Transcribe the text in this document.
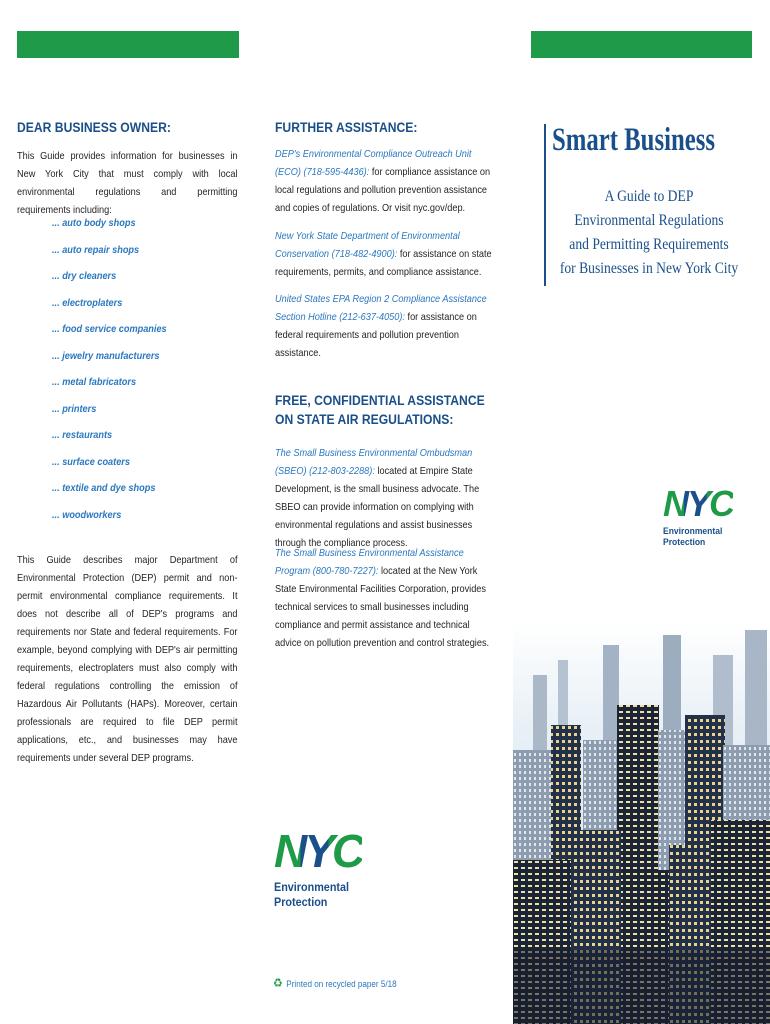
DEAR BUSINESS OWNER:
This Guide provides information for businesses in New York City that must comply with local environmental regulations and permitting requirements including:
... auto body shops
... auto repair shops
... dry cleaners
... electroplaters
... food service companies
... jewelry manufacturers
... metal fabricators
... printers
... restaurants
... surface coaters
... textile and dye shops
... woodworkers
This Guide describes major Department of Environmental Protection (DEP) permit and non-permit environmental compliance requirements. It does not describe all of DEP's programs and requirements nor State and federal requirements. For example, beyond complying with DEP's air permitting requirements, electroplaters must also comply with federal regulations controlling the emission of Hazardous Air Pollutants (HAPs). Moreover, certain professionals are required to file DEP permit applications, etc., and businesses may have requirements under several DEP programs.
FURTHER ASSISTANCE:
DEP's Environmental Compliance Outreach Unit (ECO) (718-595-4436): for compliance assistance on local regulations and pollution prevention assistance and copies of regulations. Or visit nyc.gov/dep.
New York State Department of Environmental Conservation (718-482-4900): for assistance on state requirements, permits, and compliance assistance.
United States EPA Region 2 Compliance Assistance Section Hotline (212-637-4050): for assistance on federal requirements and pollution prevention assistance.
FREE, CONFIDENTIAL ASSISTANCE ON STATE AIR REGULATIONS:
The Small Business Environmental Ombudsman (SBEO) (212-803-2288): located at Empire State Development, is the small business advocate. The SBEO can provide information on complying with environmental regulations and assist businesses through the compliance process.
The Small Business Environmental Assistance Program (800-780-7227): located at the New York State Environmental Facilities Corporation, provides technical services to small businesses including compliance and permit assistance and technical advice on pollution prevention and control strategies.
NYC
Environmental
Protection
♻ Printed on recycled paper 5/18
Smart Business
A Guide to DEP
Environmental Regulations
and Permitting Requirements
for Businesses in New York City
NYC
Environmental
Protection
